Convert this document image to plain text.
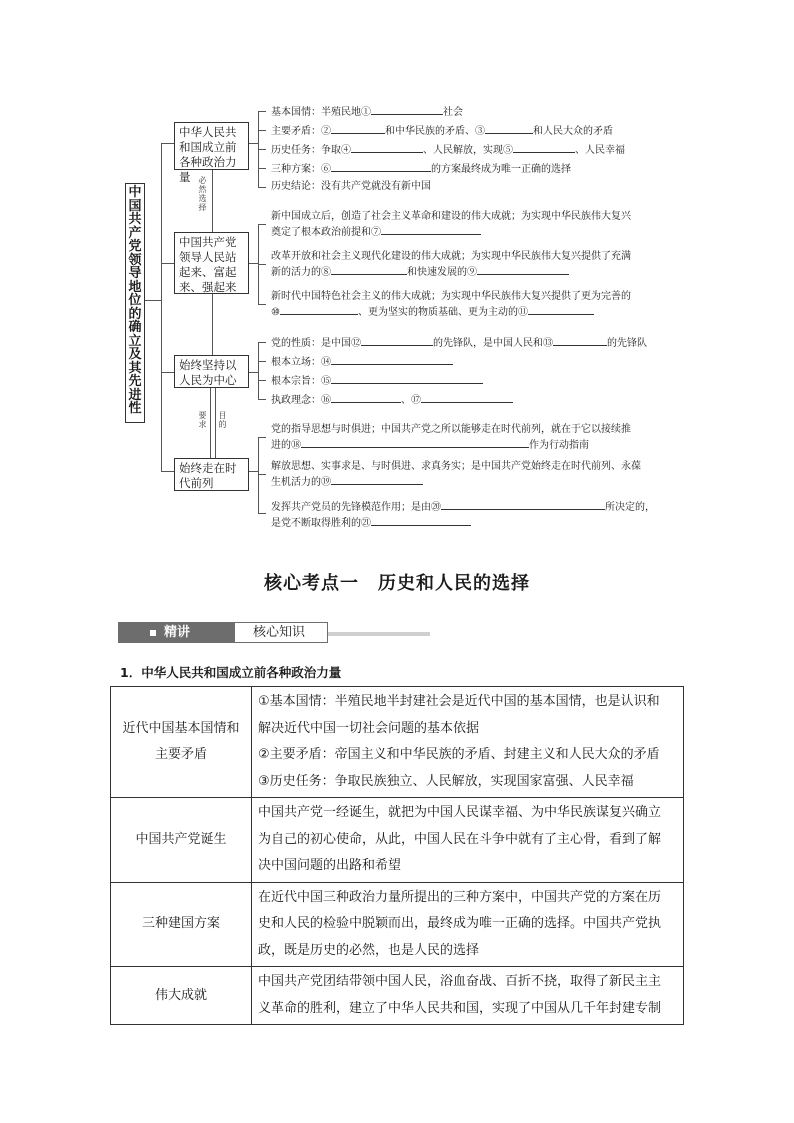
中
国
共
产
党
领
导
地
位
的
确
立
及
其
先
进
性
中华人民共和国成立前各种政治力量
中国共产党领导人民站起来、富起来、强起来
始终坚持以人民为中心
始终走在时代前列
必
然
选
择
要
求
目
的
基本国情：半殖民地①	社会
主要矛盾：②	和中华民族的矛盾、③	和人民大众的矛盾
历史任务：争取④	、人民解放，实现⑤	、人民幸福
三种方案：⑥	的方案最终成为唯一正确的选择
历史结论：没有共产党就没有新中国
新中国成立后，创造了社会主义革命和建设的伟大成就；为实现中华民族伟大复兴
奠定了根本政治前提和⑦
改革开放和社会主义现代化建设的伟大成就；为实现中华民族伟大复兴提供了充满
新的活力的⑧	和快速发展的⑨
新时代中国特色社会主义的伟大成就；为实现中华民族伟大复兴提供了更为完善的
⑩	、更为坚实的物质基础、更为主动的⑪
党的性质：是中国⑫	的先锋队，是中国人民和⑬	的先锋队
根本立场：⑭
根本宗旨：⑮
执政理念：⑯	、⑰
党的指导思想与时俱进；中国共产党之所以能够走在时代前列，就在于它以接续推
进的⑱	作为行动指南
解放思想、实事求是、与时俱进、求真务实；是中国共产党始终走在时代前列、永葆
生机活力的⑲
发挥共产党员的先锋模范作用；是由⑳	所决定的，
是党不断取得胜利的㉑
核心考点一　历史和人民的选择
精讲	核心知识
1．中华人民共和国成立前各种政治力量
近代中国基本国情和主要矛盾	①基本国情：半殖民地半封建社会是近代中国的基本国情，也是认识和
解决近代中国一切社会问题的基本依据
②主要矛盾：帝国主义和中华民族的矛盾、封建主义和人民大众的矛盾
③历史任务：争取民族独立、人民解放，实现国家富强、人民幸福

中国共产党诞生	中国共产党一经诞生，就把为中国人民谋幸福、为中华民族谋复兴确立
为自己的初心使命，从此，中国人民在斗争中就有了主心骨，看到了解
决中国问题的出路和希望

三种建国方案	在近代中国三种政治力量所提出的三种方案中，中国共产党的方案在历
史和人民的检验中脱颖而出，最终成为唯一正确的选择。中国共产党执
政，既是历史的必然，也是人民的选择

伟大成就	中国共产党团结带领中国人民，浴血奋战、百折不挠，取得了新民主主
义革命的胜利，建立了中华人民共和国，实现了中国从几千年封建专制
